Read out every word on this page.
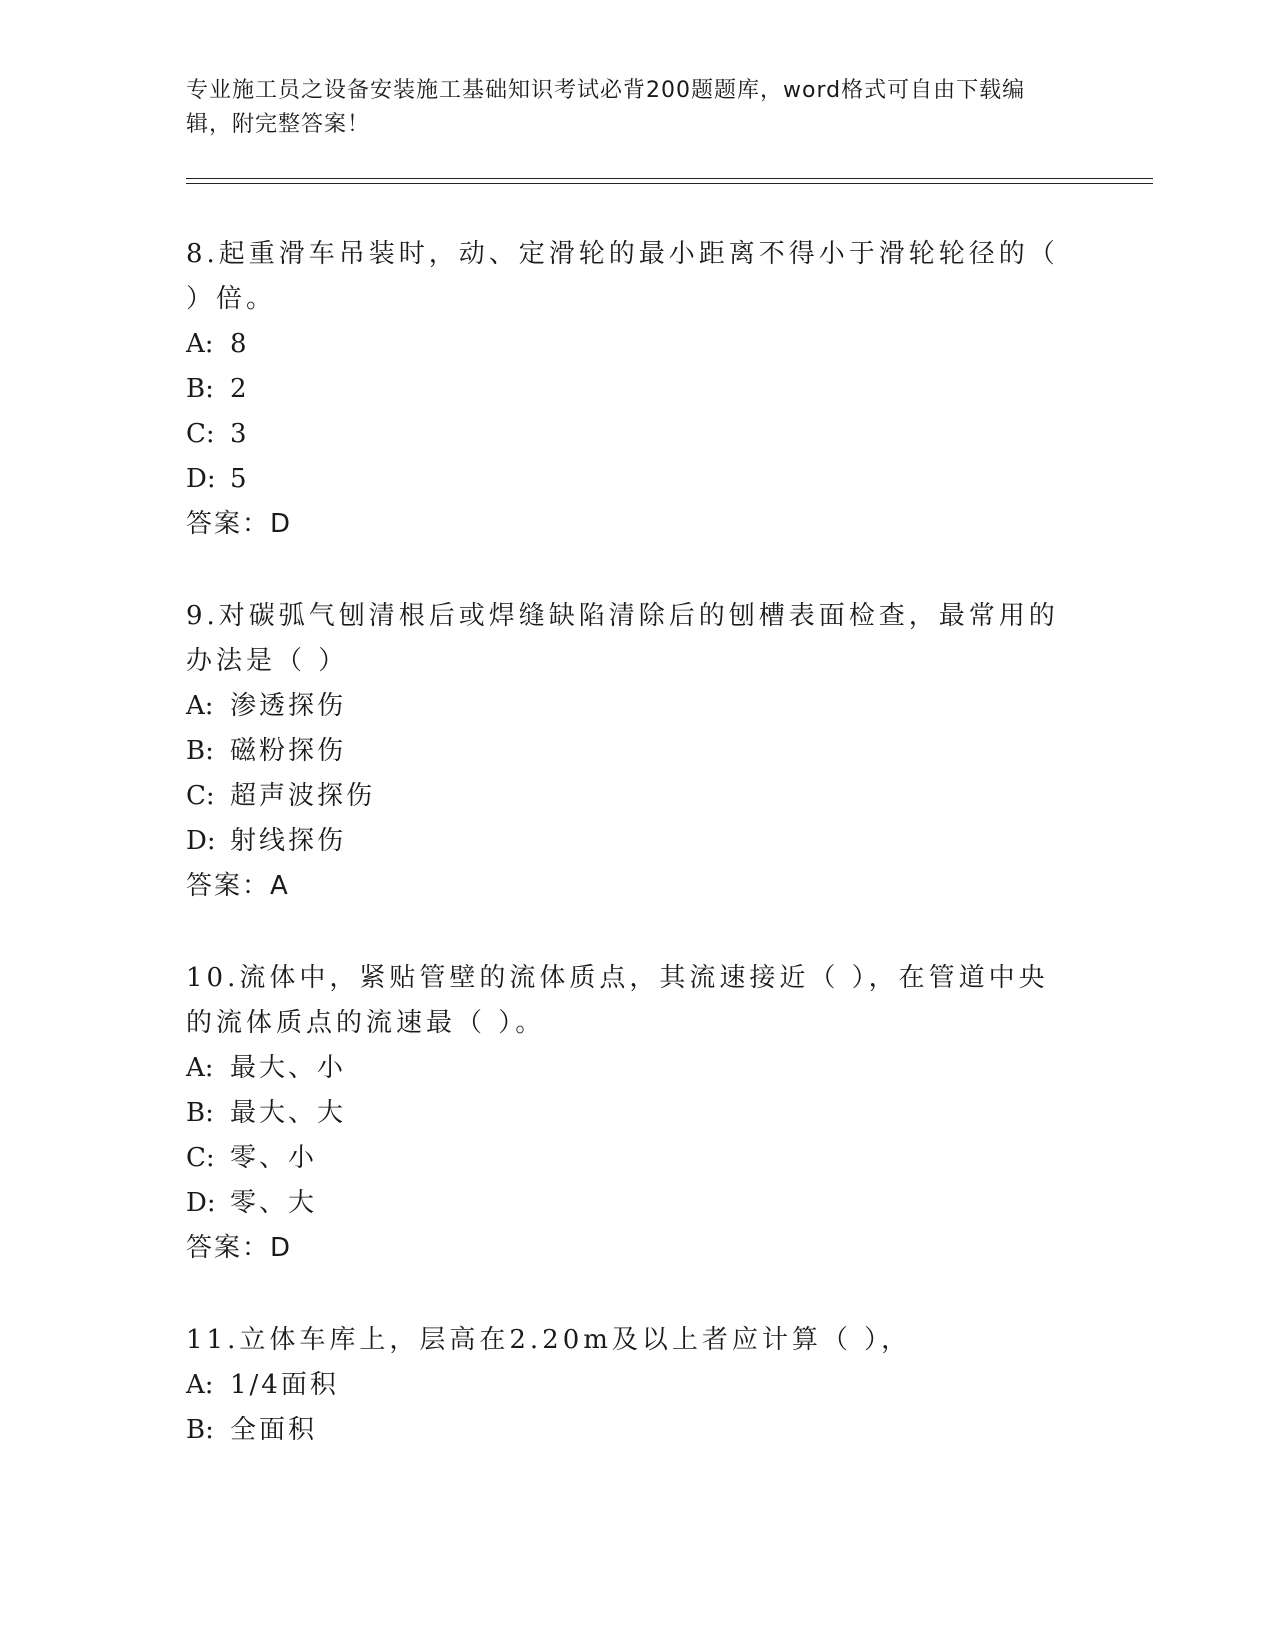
专业施工员之设备安装施工基础知识考试必背200题题库，word格式可自由下载编辑，附完整答案！

8.起重滑车吊装时，动、定滑轮的最小距离不得小于滑轮轮径的（ ）倍。

A: 8

B: 2

C: 3

D: 5

答案：D

9.对碳弧气刨清根后或焊缝缺陷清除后的刨槽表面检查，最常用的办法是（ ）

A: 渗透探伤

B: 磁粉探伤

C: 超声波探伤

D: 射线探伤

答案：A

10.流体中，紧贴管壁的流体质点，其流速接近（ ），在管道中央的流体质点的流速最（ ）。

A: 最大、小

B: 最大、大

C: 零、小

D: 零、大

答案：D

11.立体车库上，层高在2.20m及以上者应计算（ ），

A: 1/4面积

B: 全面积
